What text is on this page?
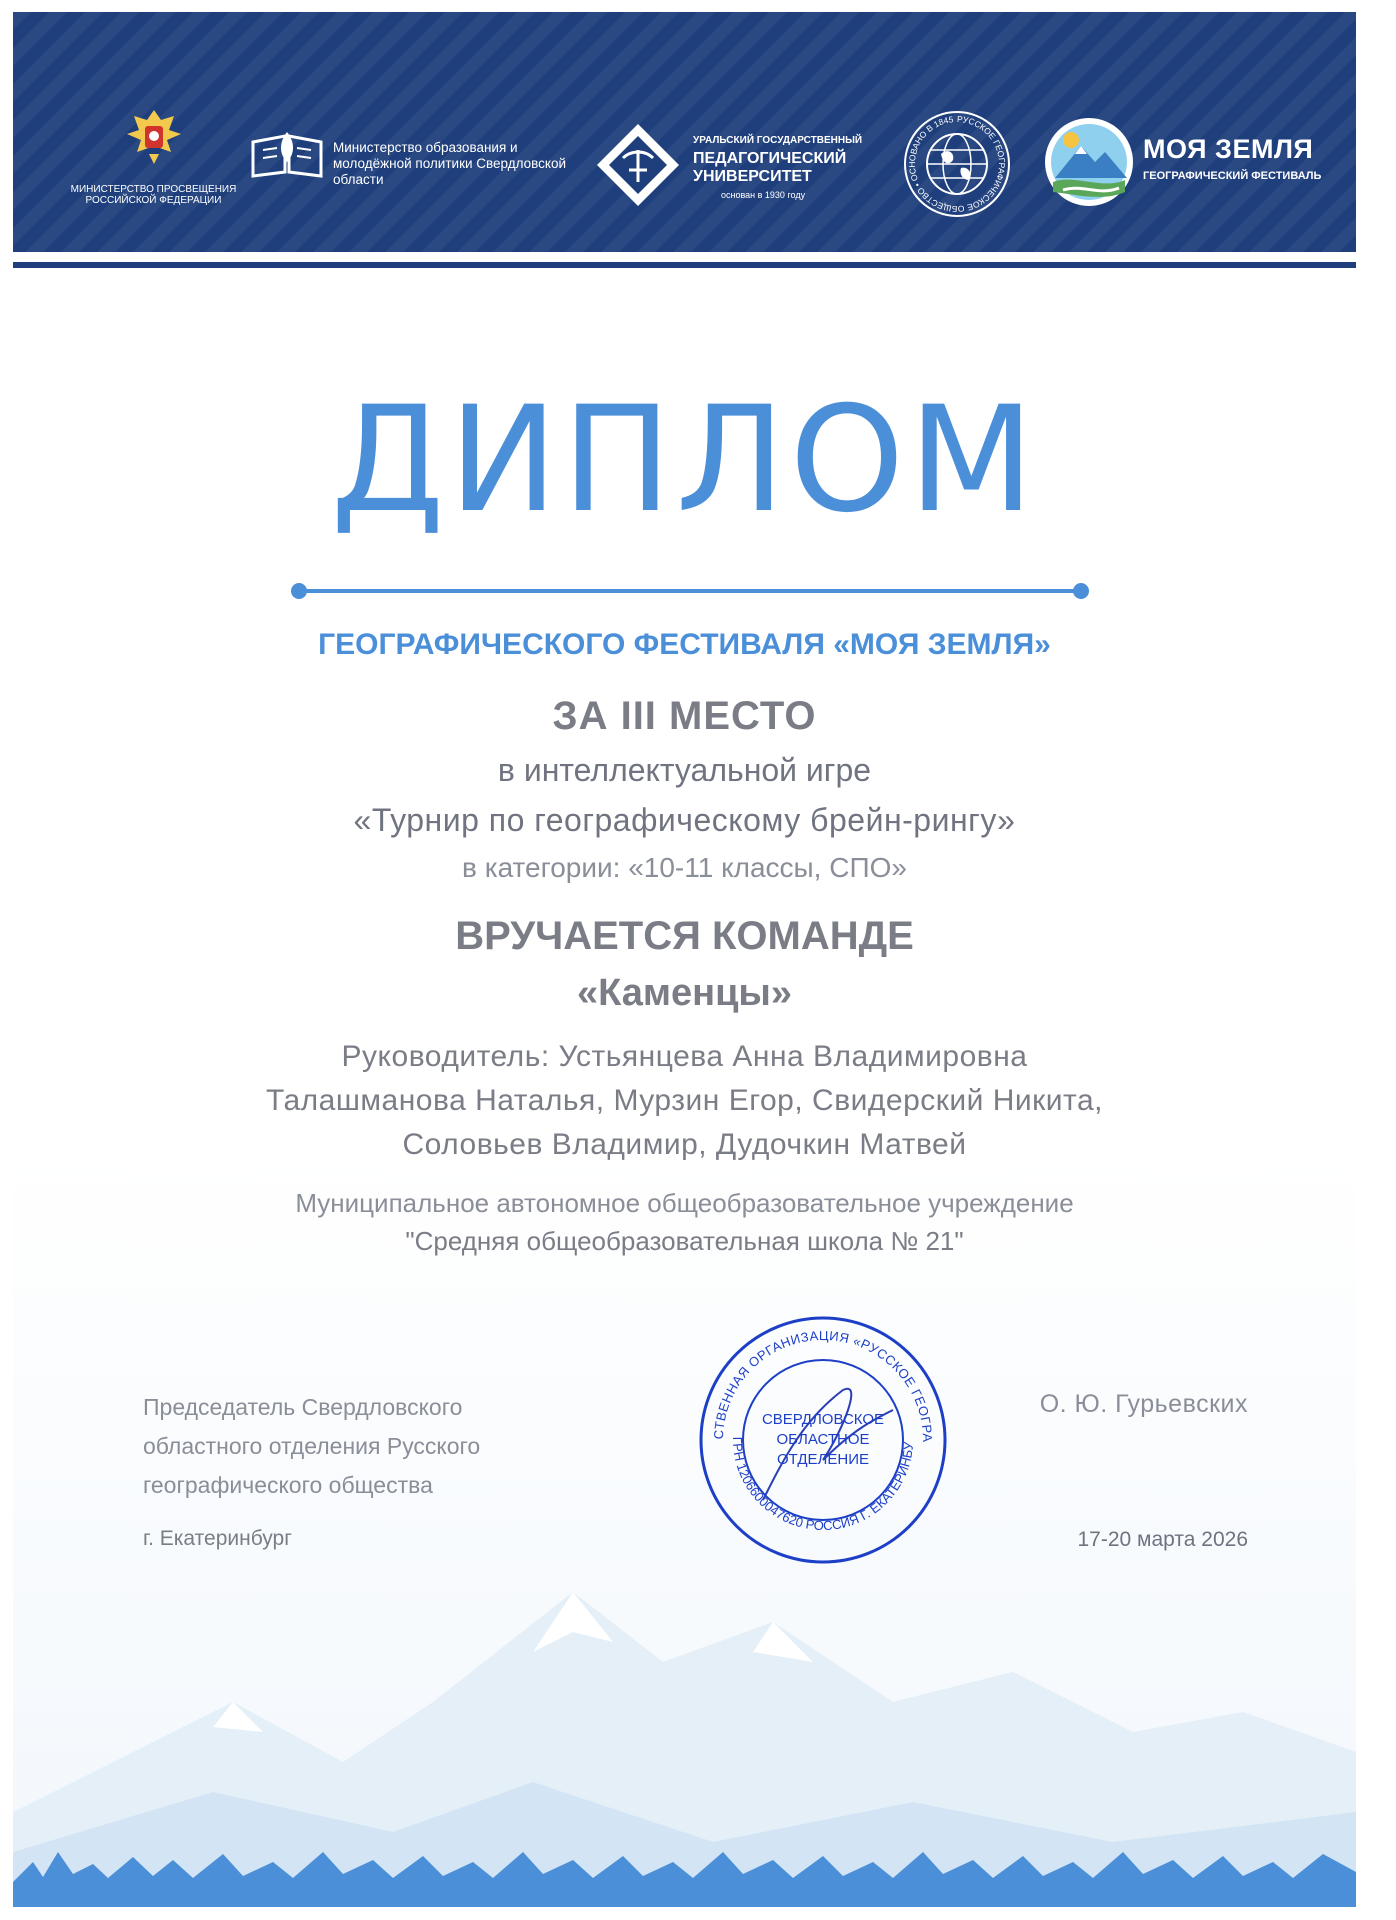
МИНИСТЕРСТВО ПРОСВЕЩЕНИЯ РОССИЙСКОЙ ФЕДЕРАЦИИ
Министерство образования и молодёжной политики Свердловской области
УРАЛЬСКИЙ ГОСУДАРСТВЕННЫЙ
ПЕДАГОГИЧЕСКИЙ
УНИВЕРСИТЕТ
основан в 1930 году
РУССКОЕ ГЕОГРАФИЧЕСКОЕ ОБЩЕСТВО • ОСНОВАНО В 1845
МОЯ ЗЕМЛЯ
ГЕОГРАФИЧЕСКИЙ ФЕСТИВАЛЬ
ДИПЛОМ
ГЕОГРАФИЧЕСКОГО ФЕСТИВАЛЯ «МОЯ ЗЕМЛЯ»
ЗА III МЕСТО
в интеллектуальной игре
«Турнир по географическому брейн-рингу»
в категории: «10-11 классы, СПО»
ВРУЧАЕТСЯ КОМАНДЕ
«Каменцы»
Руководитель: Устьянцева Анна Владимировна
Талашманова Наталья, Мурзин Егор, Свидерский Никита,
Соловьев Владимир, Дудочкин Матвей
Муниципальное автономное общеобразовательное учреждение
"Средняя общеобразовательная школа № 21"
Председатель Свердловского
областного отделения Русского
географического общества
г. Екатеринбург
О. Ю. Гурьевских
17-20 марта 2026
СТВЕННАЯ ОРГАНИЗАЦИЯ «РУССКОЕ ГЕОГРА
ГРН 1206600047620 РОССИЯ Г. ЕКАТЕРИНБУ
СВЕРДЛОВСКОЕ
ОБЛАСТНОЕ
ОТДЕЛЕНИЕ
